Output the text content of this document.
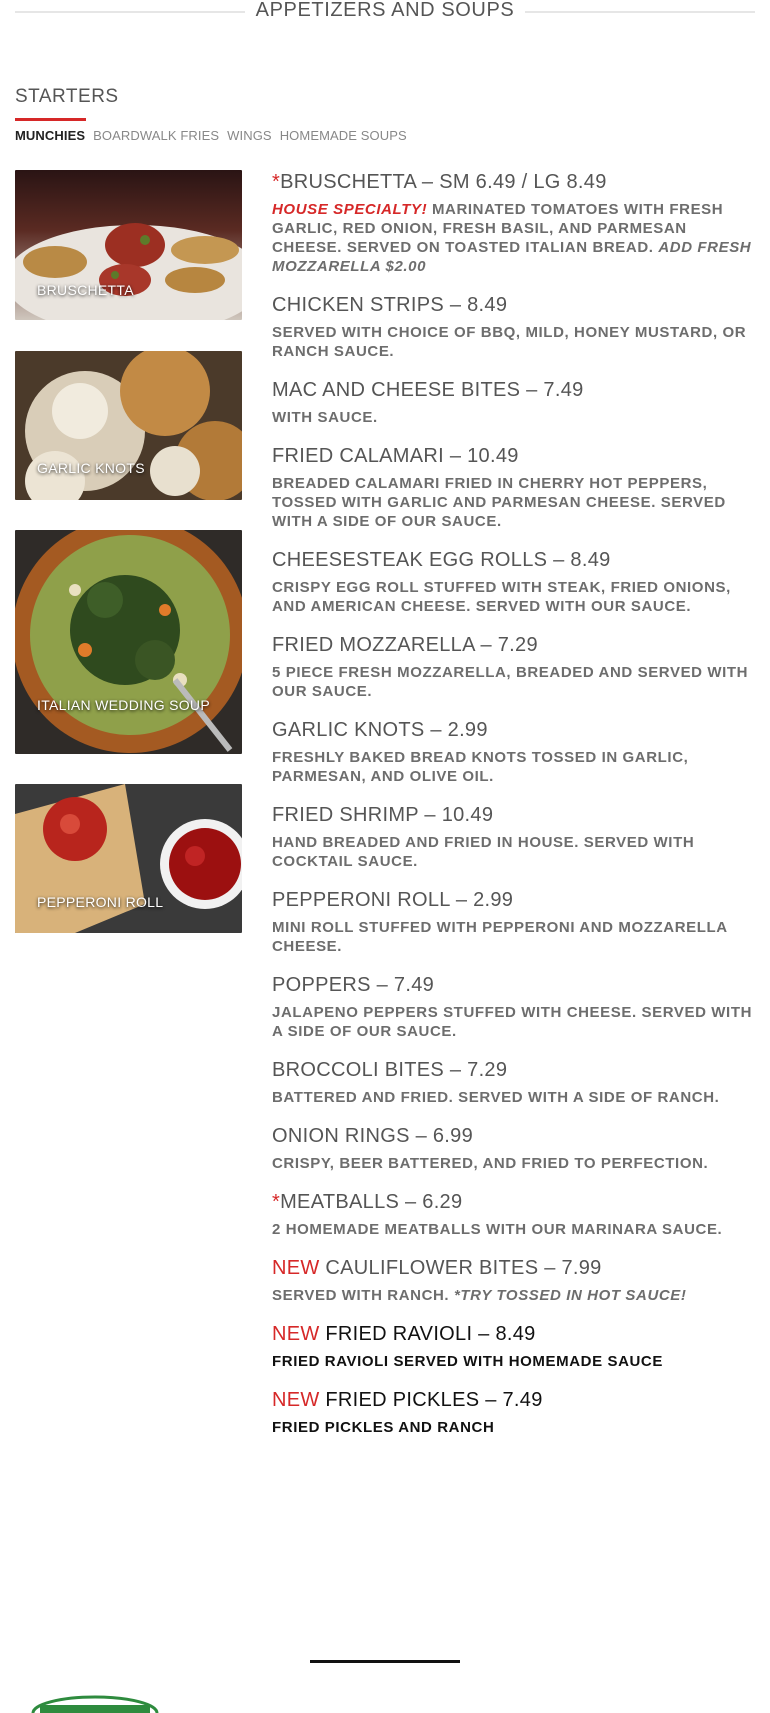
APPETIZERS AND SOUPS
STARTERS
MUNCHIES BOARDWALK FRIES WINGS HOMEMADE SOUPS
BRUSCHETTA
GARLIC KNOTS
ITALIAN WEDDING SOUP
PEPPERONI ROLL
*BRUSCHETTA – SM 6.49 / LG 8.49

HOUSE SPECIALTY! MARINATED TOMATOES WITH FRESH GARLIC, RED ONION, FRESH BASIL, AND PARMESAN CHEESE. SERVED ON TOASTED ITALIAN BREAD. ADD FRESH MOZZARELLA $2.00

CHICKEN STRIPS – 8.49

SERVED WITH CHOICE OF BBQ, MILD, HONEY MUSTARD, OR RANCH SAUCE.

MAC AND CHEESE BITES – 7.49

WITH SAUCE.

FRIED CALAMARI – 10.49

BREADED CALAMARI FRIED IN CHERRY HOT PEPPERS, TOSSED WITH GARLIC AND PARMESAN CHEESE. SERVED WITH A SIDE OF OUR SAUCE.

CHEESESTEAK EGG ROLLS – 8.49

CRISPY EGG ROLL STUFFED WITH STEAK, FRIED ONIONS, AND AMERICAN CHEESE. SERVED WITH OUR SAUCE.

FRIED MOZZARELLA – 7.29

5 PIECE FRESH MOZZARELLA, BREADED AND SERVED WITH OUR SAUCE.

GARLIC KNOTS – 2.99

FRESHLY BAKED BREAD KNOTS TOSSED IN GARLIC, PARMESAN, AND OLIVE OIL.

FRIED SHRIMP – 10.49

HAND BREADED AND FRIED IN HOUSE. SERVED WITH COCKTAIL SAUCE.

PEPPERONI ROLL – 2.99

MINI ROLL STUFFED WITH PEPPERONI AND MOZZARELLA CHEESE.

POPPERS – 7.49

JALAPENO PEPPERS STUFFED WITH CHEESE. SERVED WITH A SIDE OF OUR SAUCE.

BROCCOLI BITES – 7.29

BATTERED AND FRIED. SERVED WITH A SIDE OF RANCH.

ONION RINGS – 6.99

CRISPY, BEER BATTERED, AND FRIED TO PERFECTION.

*MEATBALLS – 6.29

2 HOMEMADE MEATBALLS WITH OUR MARINARA SAUCE.

NEW CAULIFLOWER BITES – 7.99

SERVED WITH RANCH. *TRY TOSSED IN HOT SAUCE!

NEW FRIED RAVIOLI – 8.49

FRIED RAVIOLI SERVED WITH HOMEMADE SAUCE

NEW FRIED PICKLES – 7.49

FRIED PICKLES AND RANCH
